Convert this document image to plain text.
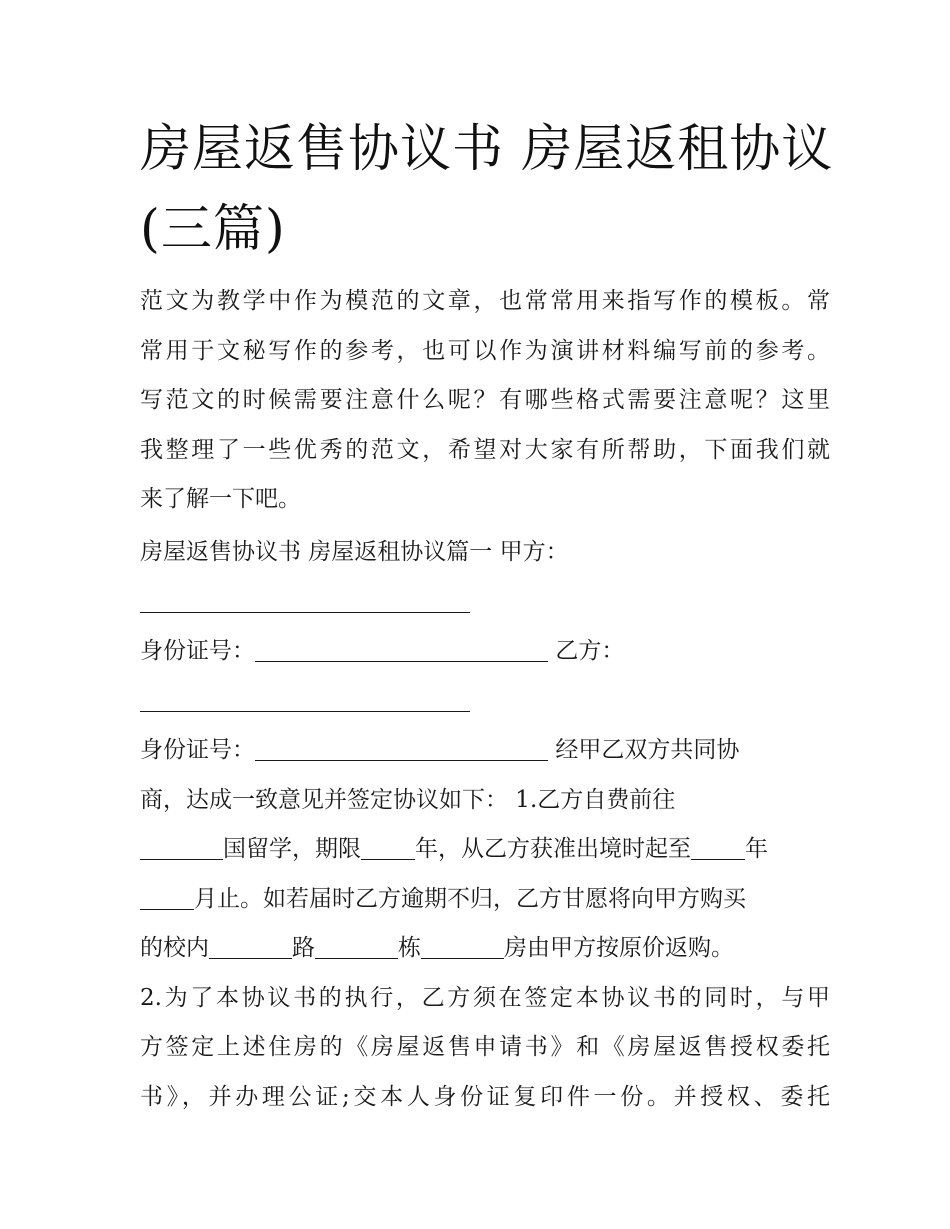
房屋返售协议书 房屋返租协议
(三篇)
范文为教学中作为模范的文章，也常常用来指写作的模板。常
常用于文秘写作的参考，也可以作为演讲材料编写前的参考。
写范文的时候需要注意什么呢？有哪些格式需要注意呢？这里
我整理了一些优秀的范文，希望对大家有所帮助，下面我们就
来了解一下吧。
房屋返售协议书 房屋返租协议篇一 甲方：
身份证号：	乙方：
身份证号：	经甲乙双方共同协
商，达成一致意见并签定协议如下： 1.乙方自费前往
国留学，期限 年，从乙方获准出境时起至 年
月止。如若届时乙方逾期不归，乙方甘愿将向甲方购买
的校内	路	栋	房由甲方按原价返购。
2.为了本协议书的执行，乙方须在签定本协议书的同时，与甲
方签定上述住房的《房屋返售申请书》和《房屋返售授权委托
书》，并办理公证;交本人身份证复印件一份。并授权、委托
